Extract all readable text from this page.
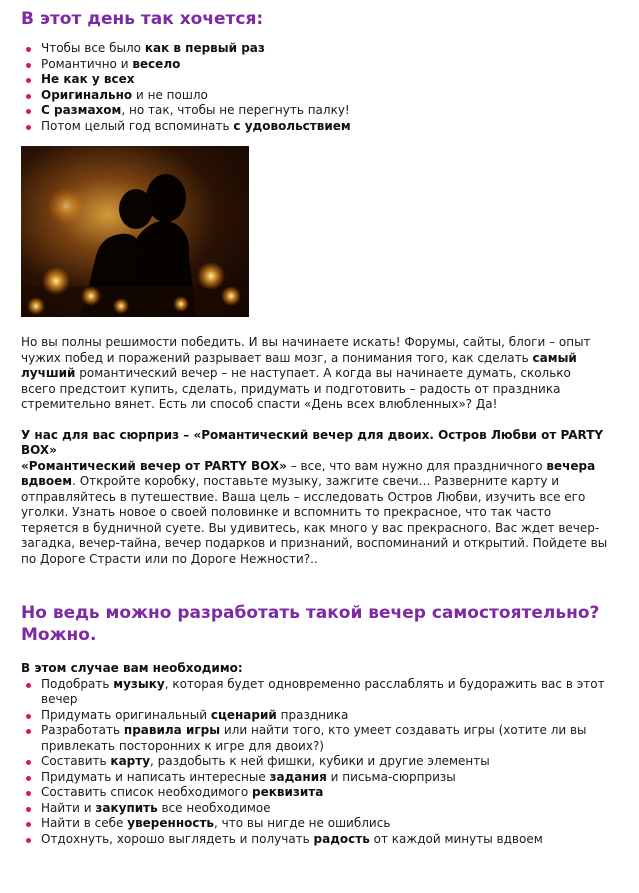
В этот день так хочется:
Чтобы все было как в первый раз
Романтично и весело
Не как у всех
Оригинально и не пошло
С размахом, но так, чтобы не перегнуть палку!
Потом целый год вспоминать с удовольствием

Но вы полны решимости победить. И вы начинаете искать! Форумы, сайты, блоги – опыт чужих побед и поражений разрывает ваш мозг, а понимания того, как сделать самый лучший романтический вечер – не наступает. А когда вы начинаете думать, сколько всего предстоит купить, сделать, придумать и подготовить – радость от праздника стремительно вянет. Есть ли способ спасти «День всех влюбленных»? Да!

У нас для вас сюрприз – «Романтический вечер для двоих. Остров Любви от PARTY BOX»

«Романтический вечер от PARTY BOX» – все, что вам нужно для праздничного вечера вдвоем. Откройте коробку, поставьте музыку, зажгите свечи… Разверните карту и отправляйтесь в путешествие. Ваша цель – исследовать Остров Любви, изучить все его уголки. Узнать новое о своей половинке и вспомнить то прекрасное, что так часто теряется в будничной суете. Вы удивитесь, как много у вас прекрасного. Вас ждет вечер-загадка, вечер-тайна, вечер подарков и признаний, воспоминаний и открытий. Пойдете вы по Дороге Страсти или по Дороге Нежности?..

Но ведь можно разработать такой вечер самостоятельно? Можно.

В этом случае вам необходимо:

Подобрать музыку, которая будет одновременно расслаблять и будоражить вас в этот вечер
Придумать оригинальный сценарий праздника
Разработать правила игры или найти того, кто умеет создавать игры (хотите ли вы привлекать посторонних к игре для двоих?)
Составить карту, раздобыть к ней фишки, кубики и другие элементы
Придумать и написать интересные задания и письма-сюрпризы
Составить список необходимого реквизита
Найти и закупить все необходимое
Найти в себе уверенность, что вы нигде не ошиблись
Отдохнуть, хорошо выглядеть и получать радость от каждой минуты вдвоем
